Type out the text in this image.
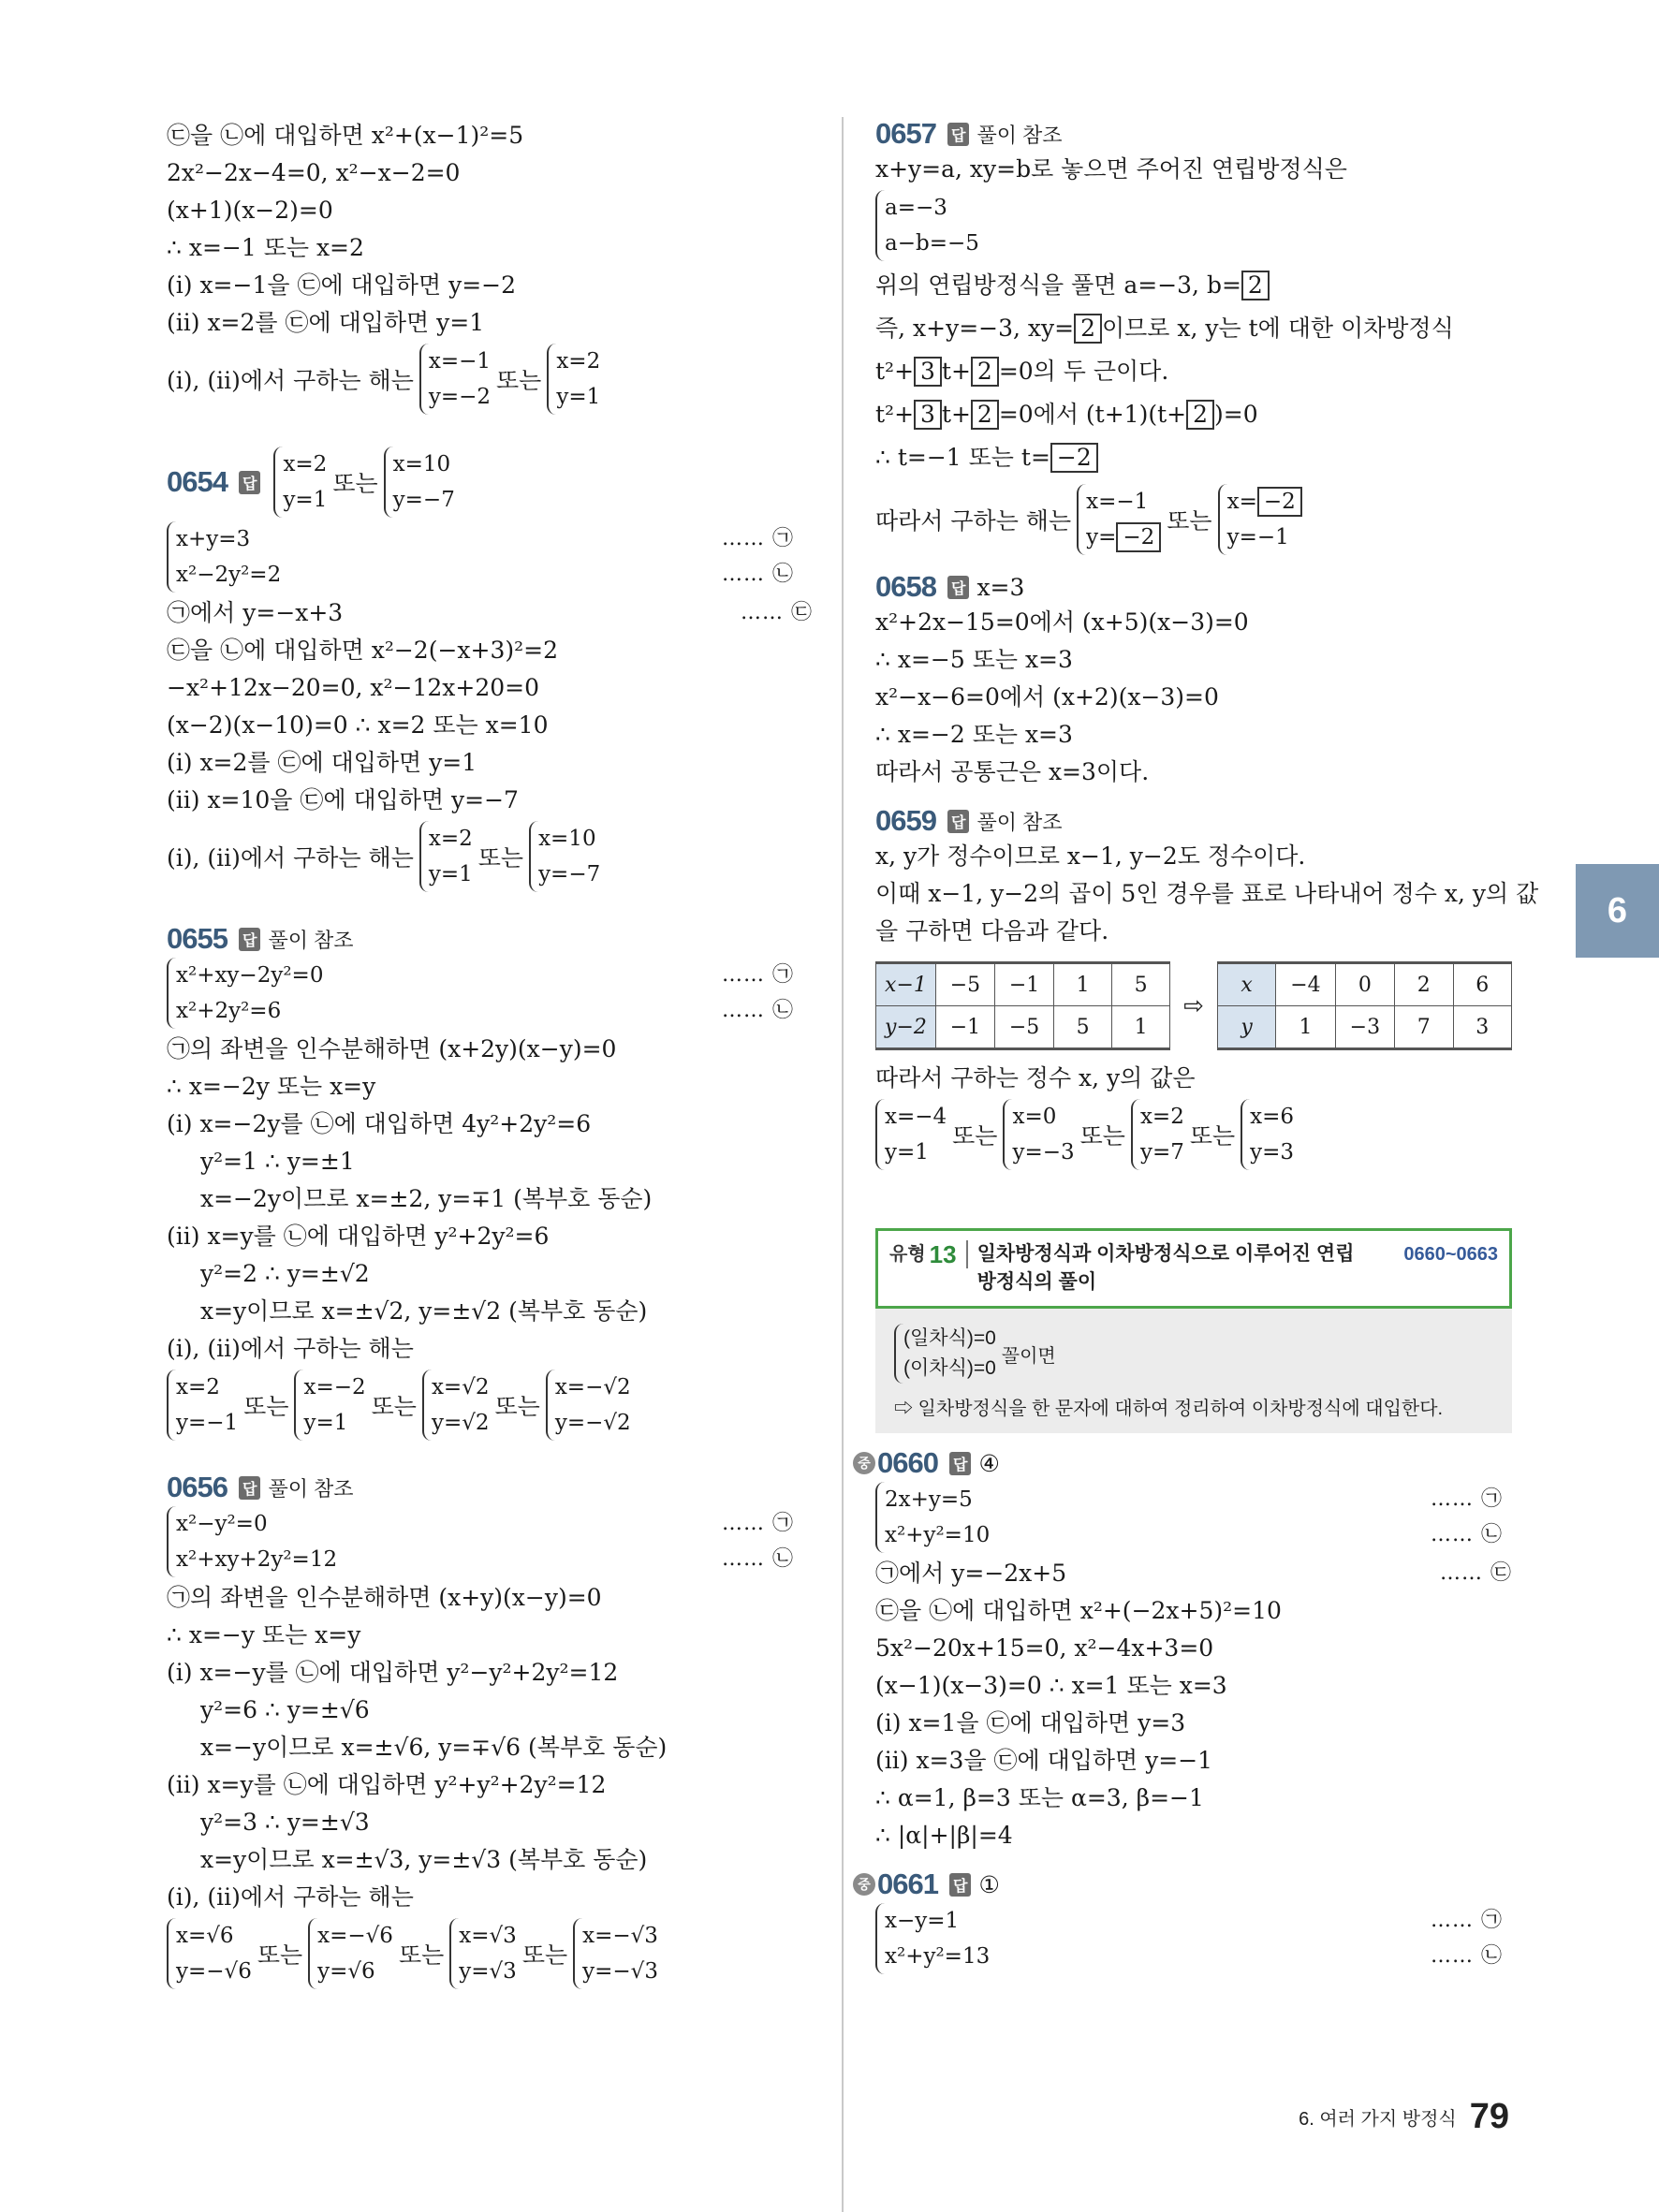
6
㉢을 ㉡에 대입하면 x²+(x−1)²=5
2x²−2x−4=0, x²−x−2=0
(x+1)(x−2)=0
∴ x=−1 또는 x=2
(ⅰ) x=−1을 ㉢에 대입하면 y=−2
(ⅱ) x=2를 ㉢에 대입하면 y=1
(ⅰ), (ⅱ)에서 구하는 해는
x=−1
y=−2
또는
x=2
y=1
0654 답
x=2
y=1
또는
x=10
y=−7
x+y=3	…… ㉠
x²−2y²=2	…… ㉡
㉠에서 y=−x+3	…… ㉢
㉢을 ㉡에 대입하면 x²−2(−x+3)²=2
−x²+12x−20=0, x²−12x+20=0
(x−2)(x−10)=0 ∴ x=2 또는 x=10
(ⅰ) x=2를 ㉢에 대입하면 y=1
(ⅱ) x=10을 ㉢에 대입하면 y=−7
(ⅰ), (ⅱ)에서 구하는 해는
x=2
y=1
또는
x=10
y=−7
0655 답 풀이 참조
x²+xy−2y²=0	…… ㉠
x²+2y²=6	…… ㉡
㉠의 좌변을 인수분해하면 (x+2y)(x−y)=0
∴ x=−2y 또는 x=y
(ⅰ) x=−2y를 ㉡에 대입하면 4y²+2y²=6
y²=1 ∴ y=±1
x=−2y이므로 x=±2, y=∓1 (복부호 동순)
(ⅱ) x=y를 ㉡에 대입하면 y²+2y²=6
y²=2 ∴ y=±√2
x=y이므로 x=±√2, y=±√2 (복부호 동순)
(ⅰ), (ⅱ)에서 구하는 해는
x=2
y=−1
또는
x=−2
y=1
또는
x=√2
y=√2
또는
x=−√2
y=−√2
0656 답 풀이 참조
x²−y²=0	…… ㉠
x²+xy+2y²=12	…… ㉡
㉠의 좌변을 인수분해하면 (x+y)(x−y)=0
∴ x=−y 또는 x=y
(ⅰ) x=−y를 ㉡에 대입하면 y²−y²+2y²=12
y²=6 ∴ y=±√6
x=−y이므로 x=±√6, y=∓√6 (복부호 동순)
(ⅱ) x=y를 ㉡에 대입하면 y²+y²+2y²=12
y²=3 ∴ y=±√3
x=y이므로 x=±√3, y=±√3 (복부호 동순)
(ⅰ), (ⅱ)에서 구하는 해는
x=√6
y=−√6
또는
x=−√6
y=√6
또는
x=√3
y=√3
또는
x=−√3
y=−√3
0657 답 풀이 참조
x+y=a, xy=b로 놓으면 주어진 연립방정식은
a=−3
a−b=−5
위의 연립방정식을 풀면 a=−3, b= 2
즉, x+y=−3, xy= 2 이므로 x, y는 t에 대한 이차방정식
t²+ 3 t+ 2 =0의 두 근이다.
t²+ 3 t+ 2 =0에서 (t+1)(t+ 2 )=0
∴ t=−1 또는 t= −2
따라서 구하는 해는
x=−1
y= −2
또는
x= −2
y=−1
0658 답 x=3
x²+2x−15=0에서 (x+5)(x−3)=0
∴ x=−5 또는 x=3
x²−x−6=0에서 (x+2)(x−3)=0
∴ x=−2 또는 x=3
따라서 공통근은 x=3이다.
0659 답 풀이 참조
x, y가 정수이므로 x−1, y−2도 정수이다.
이때 x−1, y−2의 곱이 5인 경우를 표로 나타내어 정수 x, y의 값
을 구하면 다음과 같다.
x−1	−5	−1	1	5
y−2	−1	−5	5	1
⇨
x	−4	0	2	6
y	1	−3	7	3
따라서 구하는 정수 x, y의 값은
x=−4
y=1
또는
x=0
y=−3
또는
x=2
y=7
또는
x=6
y=3
유형 13	일차방정식과 이차방정식으로 이루어진 연립방정식의 풀이
0660~0663
(일차식)=0
(이차식)=0
꼴이면
⇨ 일차방정식을 한 문자에 대하여 정리하여 이차방정식에 대입한다.
중 0660 답 ④
2x+y=5	…… ㉠
x²+y²=10	…… ㉡
㉠에서 y=−2x+5	…… ㉢
㉢을 ㉡에 대입하면 x²+(−2x+5)²=10
5x²−20x+15=0, x²−4x+3=0
(x−1)(x−3)=0 ∴ x=1 또는 x=3
(ⅰ) x=1을 ㉢에 대입하면 y=3
(ⅱ) x=3을 ㉢에 대입하면 y=−1
∴ α=1, β=3 또는 α=3, β=−1
∴ |α|+|β|=4
중 0661 답 ①
x−y=1	…… ㉠
x²+y²=13	…… ㉡
6. 여러 가지 방정식 79
